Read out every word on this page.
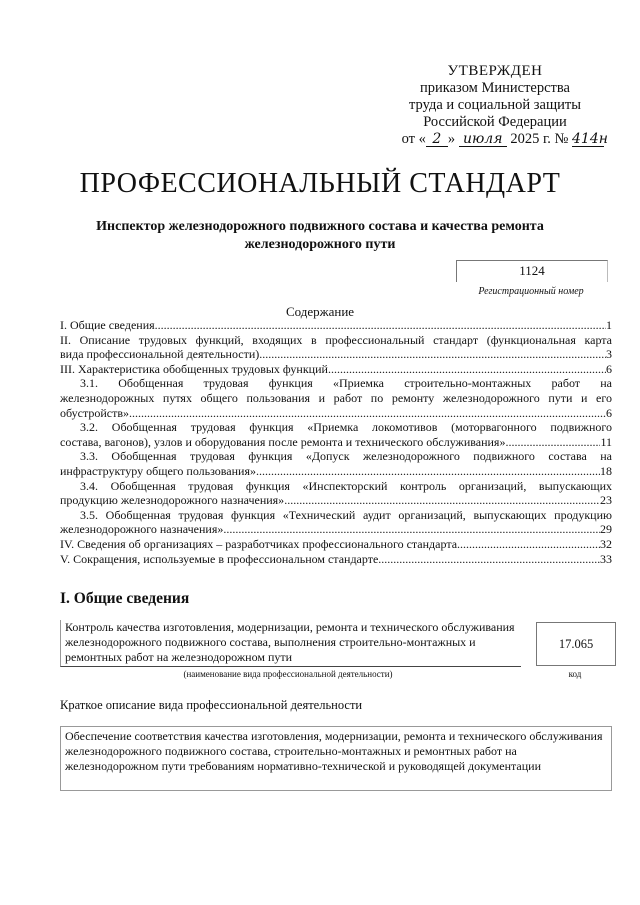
УТВЕРЖДЕН
приказом Министерства
труда и социальной защиты
Российской Федерации
от « 2 » июля 2025 г. № 414н
ПРОФЕССИОНАЛЬНЫЙ СТАНДАРТ
Инспектор железнодорожного подвижного состава и качества ремонта железнодорожного пути
1124
Регистрационный номер
Содержание
I. Общие сведения .....	1
II. Описание трудовых функций, входящих в профессиональный стандарт (функциональная карта
вида профессиональной деятельности) .....	3
III. Характеристика обобщенных трудовых функций .....	6
3.1. Обобщенная трудовая функция «Приемка строительно-монтажных работ на
железнодорожных путях общего пользования и работ по ремонту железнодорожного пути и его
обустройств» .....	6
3.2. Обобщенная трудовая функция «Приемка локомотивов (моторвагонного подвижного
состава, вагонов), узлов и оборудования после ремонта и технического обслуживания» .....	11
3.3. Обобщенная трудовая функция «Допуск железнодорожного подвижного состава на
инфраструктуру общего пользования» .....	18
3.4. Обобщенная трудовая функция «Инспекторский контроль организаций, выпускающих
продукцию железнодорожного назначения» .....	23
3.5. Обобщенная трудовая функция «Технический аудит организаций, выпускающих продукцию
железнодорожного назначения» .....	29
IV. Сведения об организациях – разработчиках профессионального стандарта .....	32
V. Сокращения, используемые в профессиональном стандарте .....	33
I. Общие сведения
Контроль качества изготовления, модернизации, ремонта и технического обслуживания железнодорожного подвижного состава, выполнения строительно-монтажных и ремонтных работ на железнодорожном пути
(наименование вида профессиональной деятельности)
17.065
код
Краткое описание вида профессиональной деятельности
Обеспечение соответствия качества изготовления, модернизации, ремонта и технического обслуживания железнодорожного подвижного состава, строительно-монтажных и ремонтных работ на железнодорожном пути требованиям нормативно-технической и руководящей документации
